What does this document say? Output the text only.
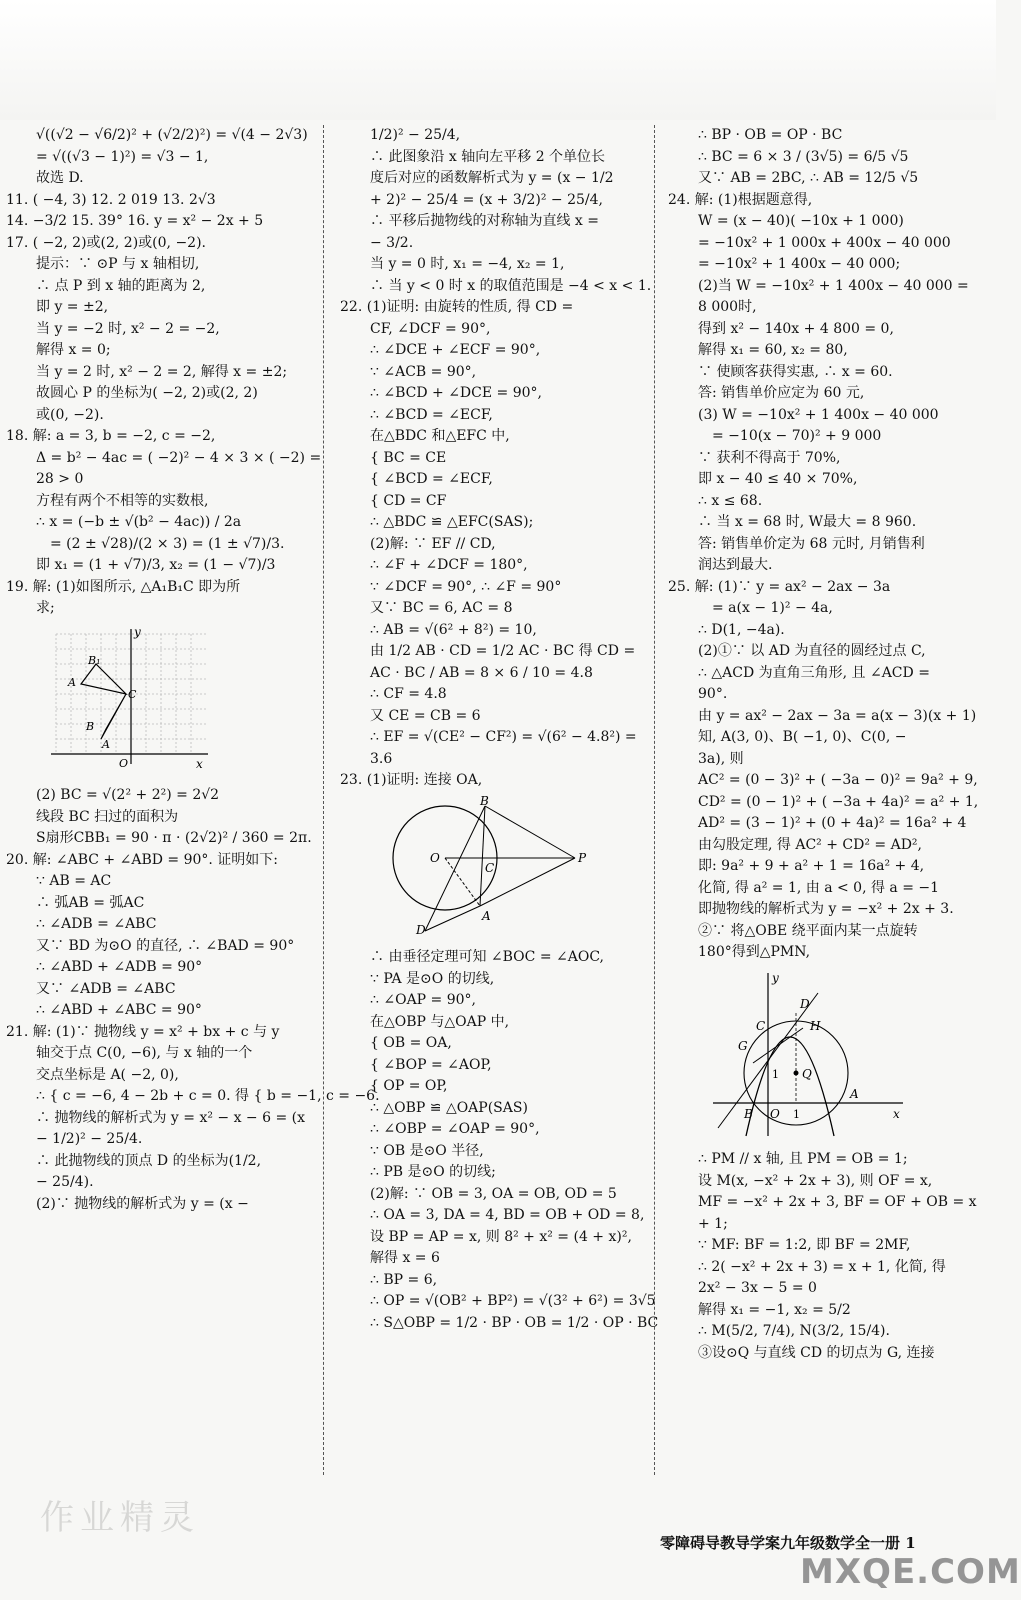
√((√2 − √6/2)² + (√2/2)²) = √(4 − 2√3)
= √((√3 − 1)²) = √3 − 1,
故选 D.
11. ( −4, 3) 12. 2 019 13. 2√3
14. −3/2 15. 39° 16. y = x² − 2x + 5
17. ( −2, 2)或(2, 2)或(0, −2).
提示：∵ ⊙P 与 x 轴相切,
∴ 点 P 到 x 轴的距离为 2,
即 y = ±2,
当 y = −2 时, x² − 2 = −2,
解得 x = 0;
当 y = 2 时, x² − 2 = 2, 解得 x = ±2;
故圆心 P 的坐标为( −2, 2)或(2, 2)
或(0, −2).
18. 解: a = 3, b = −2, c = −2,
Δ = b² − 4ac = ( −2)² − 4 × 3 × ( −2) =
28 > 0
方程有两个不相等的实数根,
∴ x = (−b ± √(b² − 4ac)) / 2a
= (2 ± √28)/(2 × 3) = (1 ± √7)/3.
即 x₁ = (1 + √7)/3, x₂ = (1 − √7)/3
19. 解: (1)如图所示, △A₁B₁C 即为所
求;
y
B₁
A
C
B
A
O	x
(2) BC = √(2² + 2²) = 2√2
线段 BC 扫过的面积为
S扇形CBB₁ = 90 · π · (2√2)² / 360 = 2π.
20. 解: ∠ABC + ∠ABD = 90°. 证明如下:
∵ AB = AC
∴ 弧AB = 弧AC
∴ ∠ADB = ∠ABC
又∵ BD 为⊙O 的直径, ∴ ∠BAD = 90°
∴ ∠ABD + ∠ADB = 90°
又∵ ∠ADB = ∠ABC
∴ ∠ABD + ∠ABC = 90°
21. 解: (1)∵ 抛物线 y = x² + bx + c 与 y
轴交于点 C(0, −6), 与 x 轴的一个
交点坐标是 A( −2, 0),
∴ { c = −6, 4 − 2b + c = 0. 得 { b = −1, c = −6.
∴ 抛物线的解析式为 y = x² − x − 6 = (x
− 1/2)² − 25/4.
∴ 此抛物线的顶点 D 的坐标为(1/2,
− 25/4).
(2)∵ 抛物线的解析式为 y = (x −
1/2)² − 25/4,
∴ 此图象沿 x 轴向左平移 2 个单位长
度后对应的函数解析式为 y = (x − 1/2
+ 2)² − 25/4 = (x + 3/2)² − 25/4,
∴ 平移后抛物线的对称轴为直线 x =
− 3/2.
当 y = 0 时, x₁ = −4, x₂ = 1,
∴ 当 y < 0 时 x 的取值范围是 −4 < x < 1.
22. (1)证明: 由旋转的性质, 得 CD =
CF, ∠DCF = 90°,
∴ ∠DCE + ∠ECF = 90°,
∵ ∠ACB = 90°,
∴ ∠BCD + ∠DCE = 90°,
∴ ∠BCD = ∠ECF,
在△BDC 和△EFC 中,
{ BC = CE
{ ∠BCD = ∠ECF,
{ CD = CF
∴ △BDC ≌ △EFC(SAS);
(2)解: ∵ EF // CD,
∴ ∠F + ∠DCF = 180°,
∵ ∠DCF = 90°, ∴ ∠F = 90°
又∵ BC = 6, AC = 8
∴ AB = √(6² + 8²) = 10,
由 1/2 AB · CD = 1/2 AC · BC 得 CD =
AC · BC / AB = 8 × 6 / 10 = 4.8
∴ CF = 4.8
又 CE = CB = 6
∴ EF = √(CE² − CF²) = √(6² − 4.8²) =
3.6
23. (1)证明: 连接 OA,
B
O
C
P
A
D
∴ 由垂径定理可知 ∠BOC = ∠AOC,
∵ PA 是⊙O 的切线,
∴ ∠OAP = 90°,
在△OBP 与△OAP 中,
{ OB = OA,
{ ∠BOP = ∠AOP,
{ OP = OP,
∴ △OBP ≌ △OAP(SAS)
∴ ∠OBP = ∠OAP = 90°,
∵ OB 是⊙O 半径,
∴ PB 是⊙O 的切线;
(2)解: ∵ OB = 3, OA = OB, OD = 5
∴ OA = 3, DA = 4, BD = OB + OD = 8,
设 BP = AP = x, 则 8² + x² = (4 + x)²,
解得 x = 6
∴ BP = 6,
∴ OP = √(OB² + BP²) = √(3² + 6²) = 3√5
∴ S△OBP = 1/2 · BP · OB = 1/2 · OP · BC
∴ BP · OB = OP · BC
∴ BC = 6 × 3 / (3√5) = 6/5 √5
又∵ AB = 2BC, ∴ AB = 12/5 √5
24. 解: (1)根据题意得,
W = (x − 40)( −10x + 1 000)
= −10x² + 1 000x + 400x − 40 000
= −10x² + 1 400x − 40 000;
(2)当 W = −10x² + 1 400x − 40 000 =
8 000时,
得到 x² − 140x + 4 800 = 0,
解得 x₁ = 60, x₂ = 80,
∵ 使顾客获得实惠, ∴ x = 60.
答: 销售单价应定为 60 元,
(3) W = −10x² + 1 400x − 40 000
= −10(x − 70)² + 9 000
∵ 获利不得高于 70%,
即 x − 40 ≤ 40 × 70%,
∴ x ≤ 68.
∴ 当 x = 68 时, W最大 = 8 960.
答: 销售单价定为 68 元时, 月销售利
润达到最大.
25. 解: (1)∵ y = ax² − 2ax − 3a
= a(x − 1)² − 4a,
∴ D(1, −4a).
(2)①∵ 以 AD 为直径的圆经过点 C,
∴ △ACD 为直角三角形, 且 ∠ACD =
90°.
由 y = ax² − 2ax − 3a = a(x − 3)(x + 1)
知, A(3, 0)、B( −1, 0)、C(0, −
3a), 则
AC² = (0 − 3)² + ( −3a − 0)² = 9a² + 9,
CD² = (0 − 1)² + ( −3a + 4a)² = a² + 1,
AD² = (3 − 1)² + (0 + 4a)² = 16a² + 4
由勾股定理, 得 AC² + CD² = AD²,
即: 9a² + 9 + a² + 1 = 16a² + 4,
化简, 得 a² = 1, 由 a < 0, 得 a = −1
即抛物线的解析式为 y = −x² + 2x + 3.
②∵ 将△OBE 绕平面内某一点旋转
180°得到△PMN,
y
D
C	H
G
1 Q
B O 1
A
x
∴ PM // x 轴, 且 PM = OB = 1;
设 M(x, −x² + 2x + 3), 则 OF = x,
MF = −x² + 2x + 3, BF = OF + OB = x
+ 1;
∵ MF: BF = 1:2, 即 BF = 2MF,
∴ 2( −x² + 2x + 3) = x + 1, 化简, 得
2x² − 3x − 5 = 0
解得 x₁ = −1, x₂ = 5/2
∴ M(5/2, 7/4), N(3/2, 15/4).
③设⊙Q 与直线 CD 的切点为 G, 连接
作业精灵
零障碍导教导学案九年级数学全一册 1
MXQE.COM
